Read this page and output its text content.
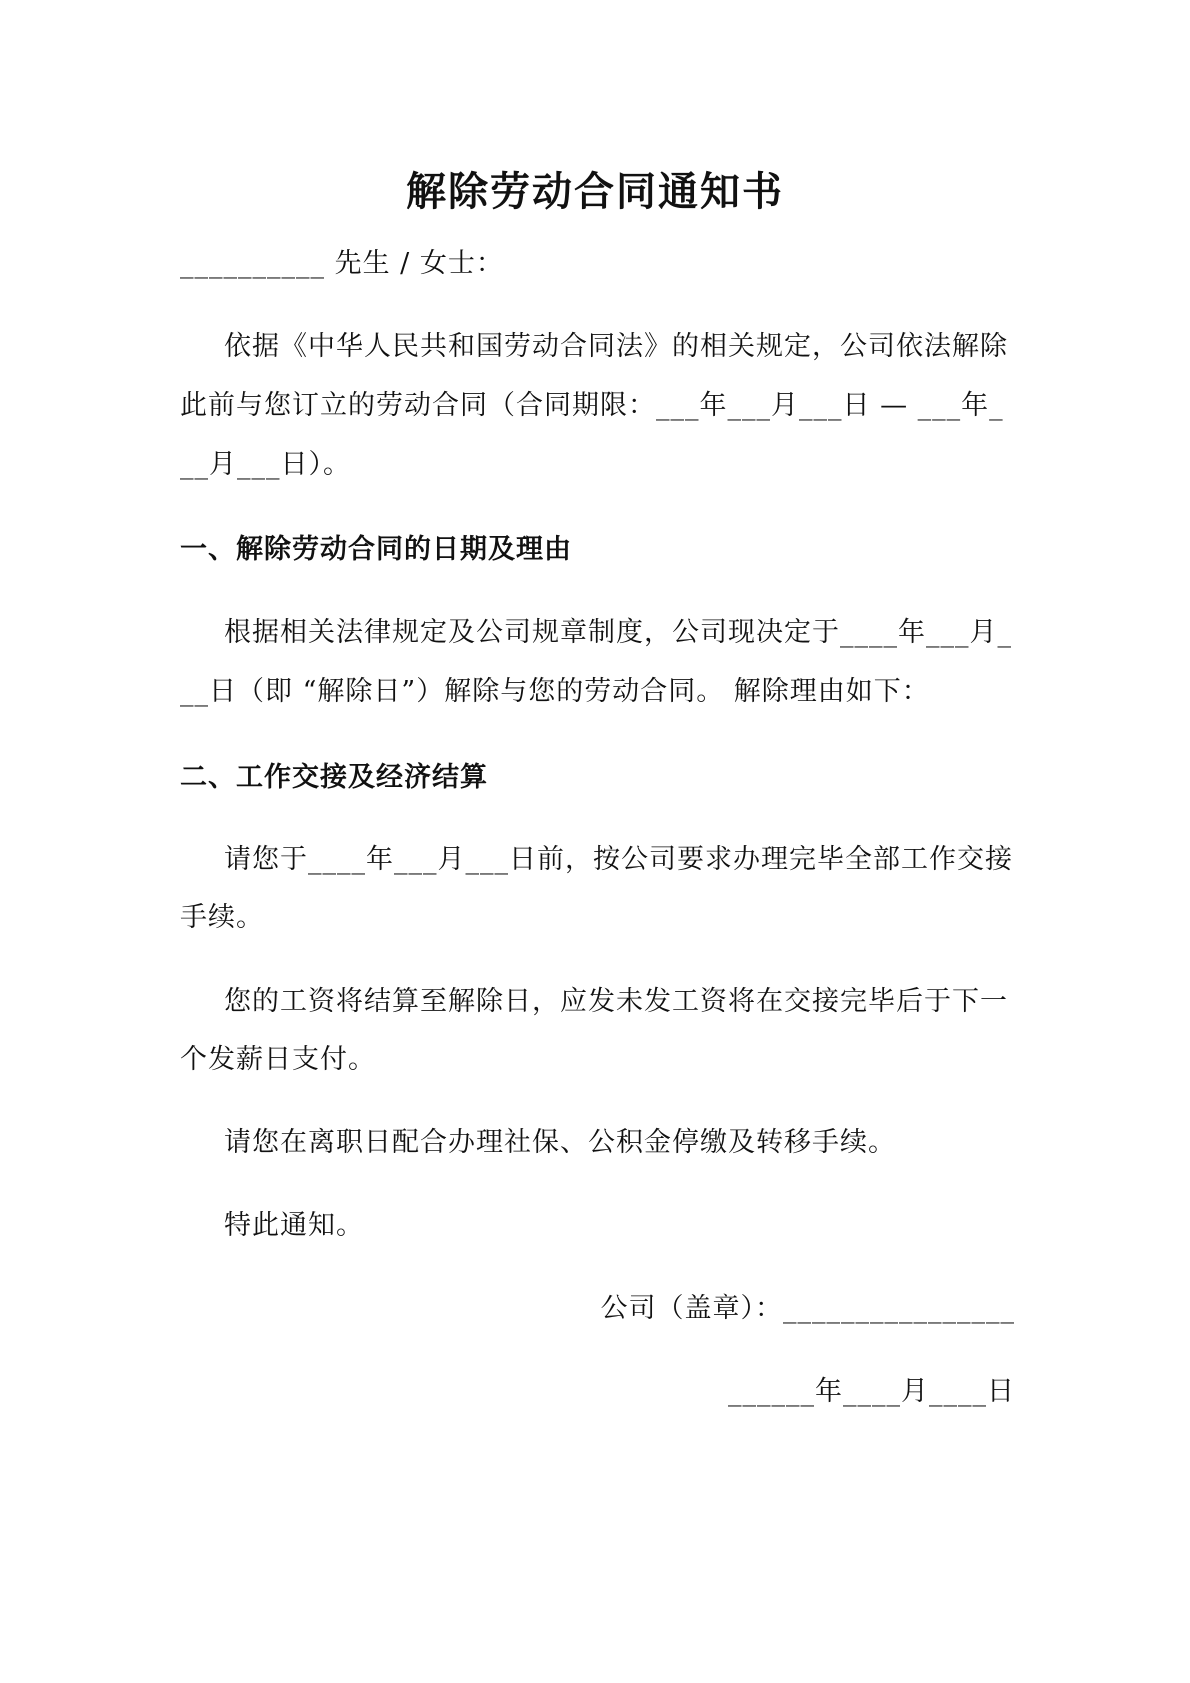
解除劳动合同通知书
__________ 先生 / 女士：
依据《中华人民共和国劳动合同法》的相关规定，公司依法解除
此前与您订立的劳动合同（合同期限：___年___月___日 — ___年_
__月___日）。
一、解除劳动合同的日期及理由
根据相关法律规定及公司规章制度，公司现决定于____年___月_
__日（即 “解除日”）解除与您的劳动合同。 解除理由如下：
二、工作交接及经济结算
请您于____年___月___日前，按公司要求办理完毕全部工作交接
手续。
您的工资将结算至解除日，应发未发工资将在交接完毕后于下一
个发薪日支付。
请您在离职日配合办理社保、公积金停缴及转移手续。
特此通知。
公司（盖章）：________________
______年____月____日
